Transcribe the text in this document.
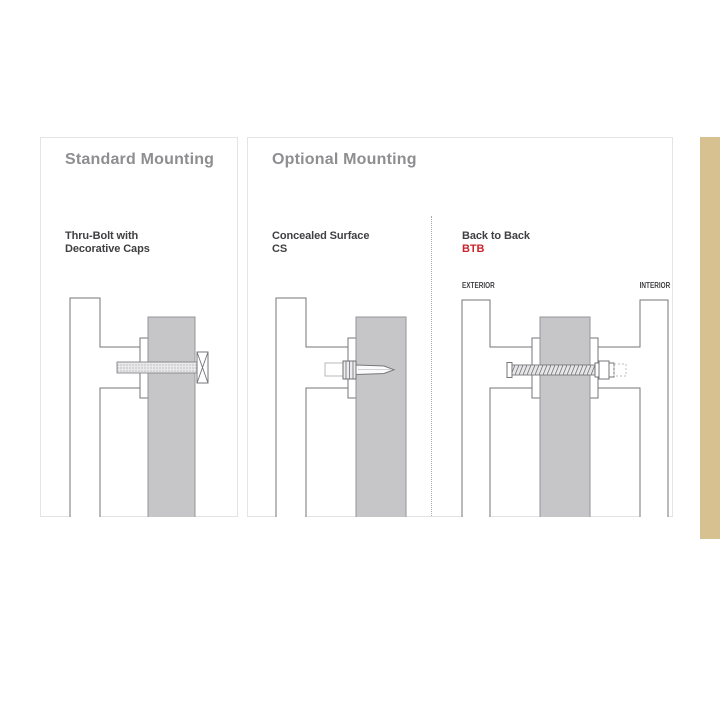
Standard Mounting
Thru-Bolt with
Decorative Caps
Optional Mounting
Concealed Surface
CS
Back to Back
BTB
EXTERIOR	INTERIOR
